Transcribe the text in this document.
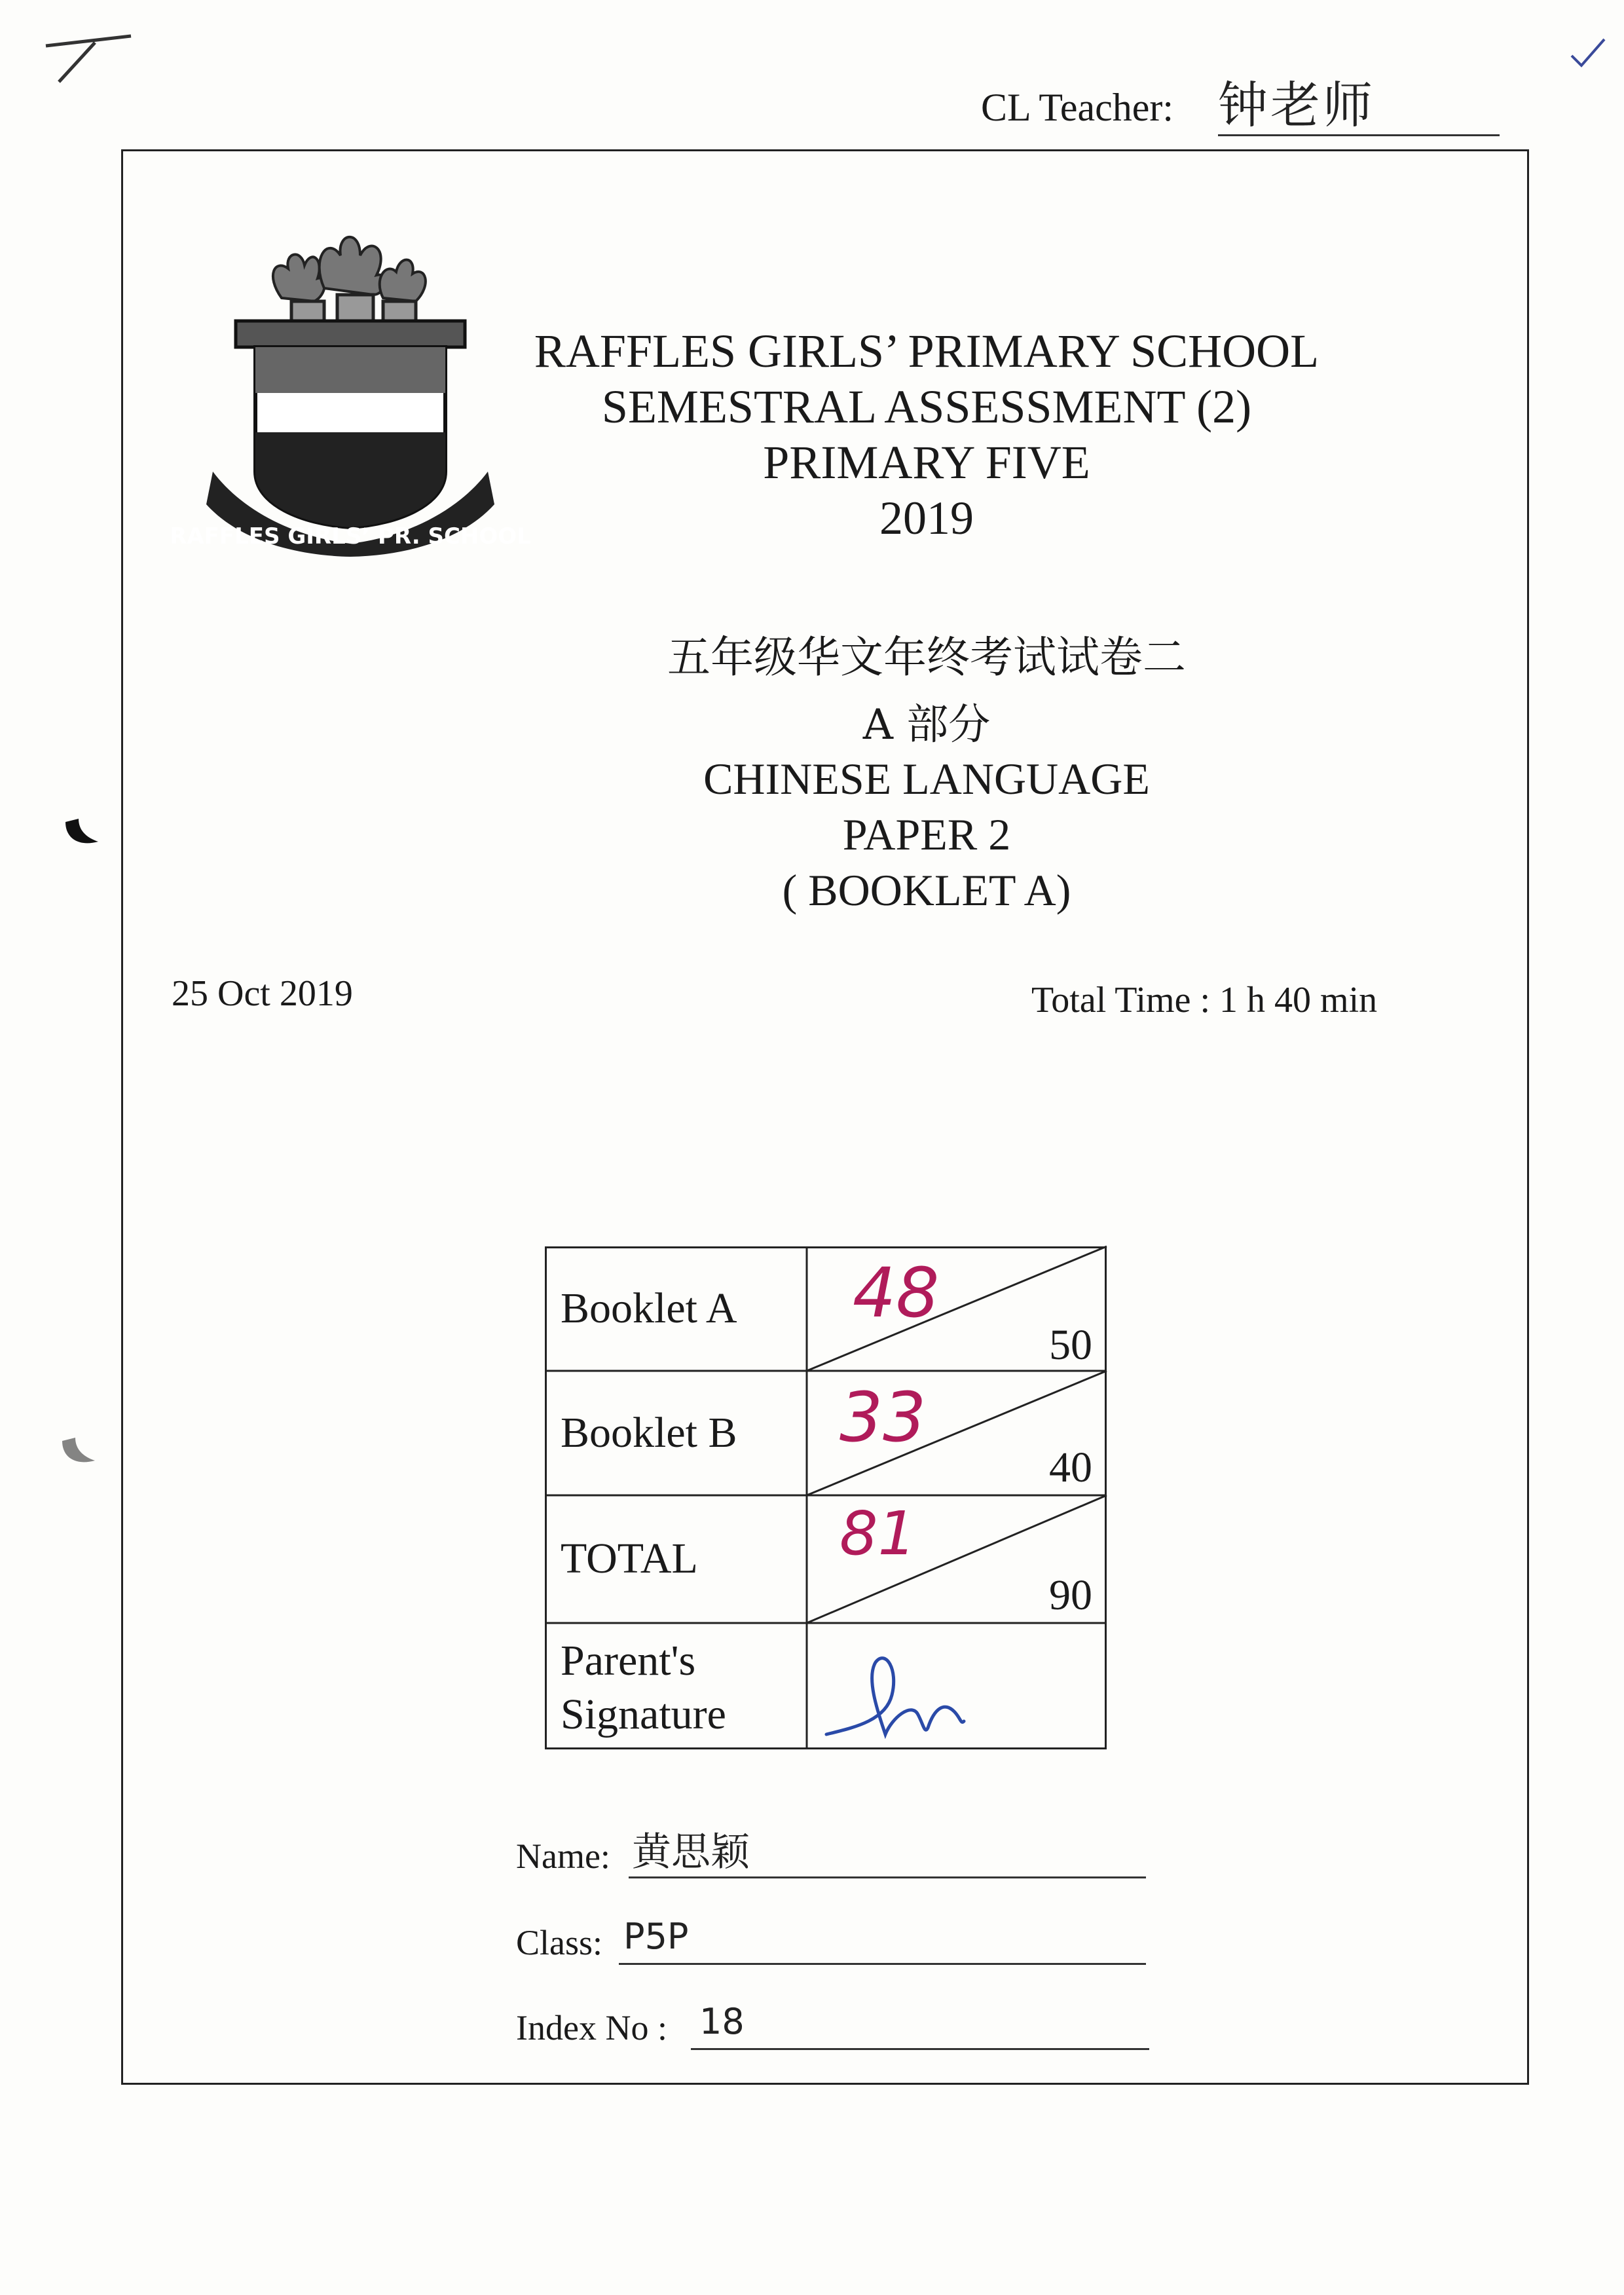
CL Teacher: 钟老师
RAFFLES GIRLS’ PR. SCHOOL
RAFFLES GIRLS’ PRIMARY SCHOOL
SEMESTRAL ASSESSMENT (2)
PRIMARY FIVE
2019
五年级华文年终考试试卷二
A 部分
CHINESE LANGUAGE
PAPER 2
( BOOKLET A)
25 Oct 2019	Total Time : 1 h 40 min
Booklet A 48
50
Booklet B 33
40
TOTAL 81
90
Parent's
Signature
Name: 黄思颖
Class: P5P
Index No : 18
